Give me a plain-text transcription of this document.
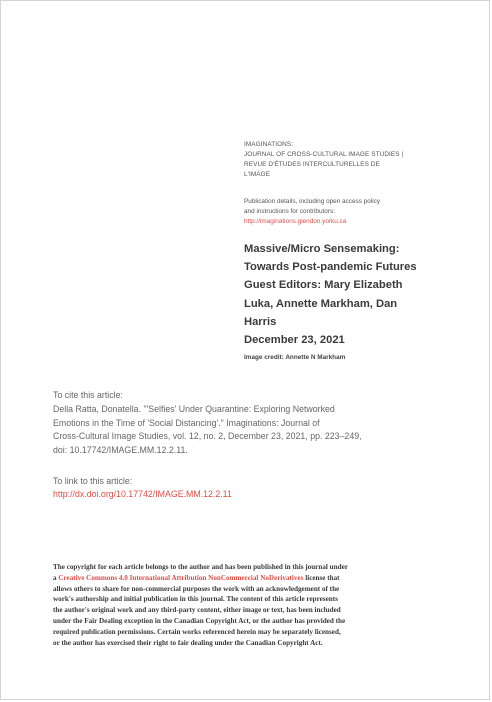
IMAGINATIONS:
JOURNAL OF CROSS-CULTURAL IMAGE STUDIES |
REVUE D'ÉTUDES INTERCULTURELLES DE
L'IMAGE
Publication details, including open access policy
and instructions for contributors:
http://imaginations.glendon.yorku.ca
Massive/Micro Sensemaking:
Towards Post-pandemic Futures
Guest Editors: Mary Elizabeth
Luka, Annette Markham, Dan
Harris
December 23, 2021
Image credit: Annette N Markham
To cite this article:
Della Ratta, Donatella. "'Selfies' Under Quarantine: Exploring Networked
Emotions in the Time of 'Social Distancing'." Imaginations: Journal of
Cross-Cultural Image Studies, vol. 12, no. 2, December 23, 2021, pp. 223–249,
doi: 10.17742/IMAGE.MM.12.2.11.
To link to this article:
http://dx.doi.org/10.17742/IMAGE.MM.12.2.11
The copyright for each article belongs to the author and has been published in this journal under
a Creative Commons 4.0 International Attribution NonCommercial NoDerivatives license that
allows others to share for non-commercial purposes the work with an acknowledgement of the
work's authorship and initial publication in this journal. The content of this article represents
the author's original work and any third-party content, either image or text, has been included
under the Fair Dealing exception in the Canadian Copyright Act, or the author has provided the
required publication permissions. Certain works referenced herein may be separately licensed,
or the author has exercised their right to fair dealing under the Canadian Copyright Act.
